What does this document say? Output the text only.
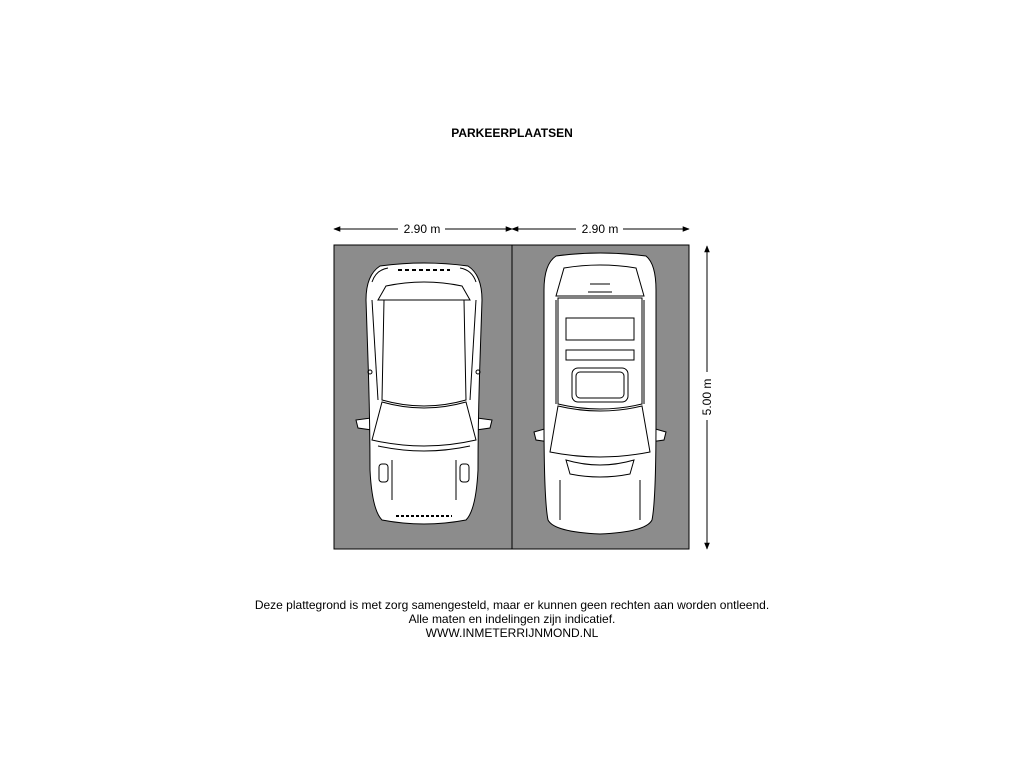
PARKEERPLAATSEN
2.90 m	2.90 m
5.00 m
Deze plattegrond is met zorg samengesteld, maar er kunnen geen rechten aan worden ontleend.
Alle maten en indelingen zijn indicatief.
WWW.INMETERRIJNMOND.NL
